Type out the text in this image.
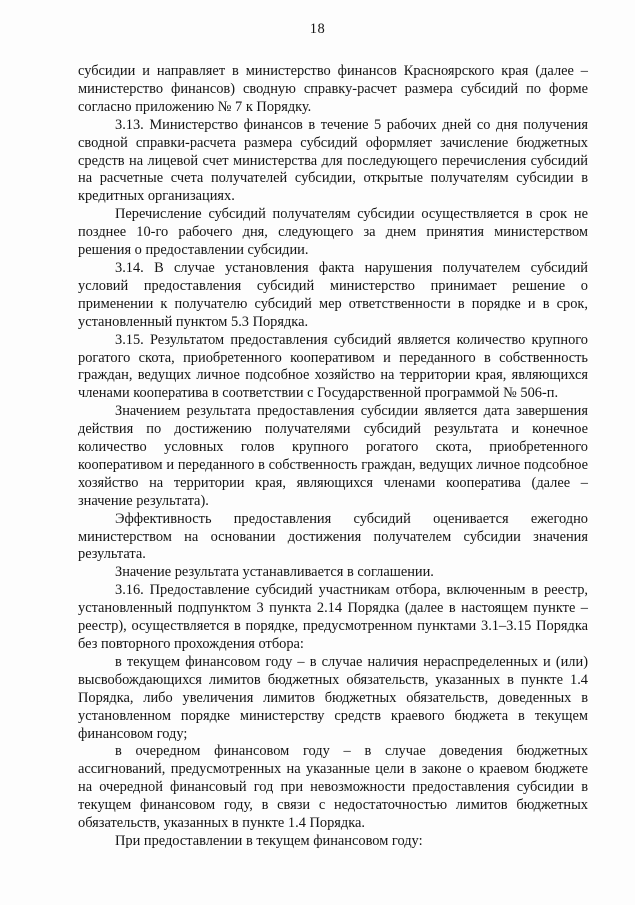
18

субсидии и направляет в министерство финансов Красноярского края (далее – министерство финансов) сводную справку-расчет размера субсидий по форме согласно приложению № 7 к Порядку.

3.13. Министерство финансов в течение 5 рабочих дней со дня получения сводной справки-расчета размера субсидий оформляет зачисление бюджетных средств на лицевой счет министерства для последующего перечисления субсидий на расчетные счета получателей субсидии, открытые получателям субсидии в кредитных организациях.

Перечисление субсидий получателям субсидии осуществляется в срок не позднее 10-го рабочего дня, следующего за днем принятия министерством решения о предоставлении субсидии.

3.14. В случае установления факта нарушения получателем субсидий условий предоставления субсидий министерство принимает решение о применении к получателю субсидий мер ответственности в порядке и в срок, установленный пунктом 5.3 Порядка.

3.15. Результатом предоставления субсидий является количество крупного рогатого скота, приобретенного кооперативом и переданного в собственность граждан, ведущих личное подсобное хозяйство на территории края, являющихся членами кооператива в соответствии с Государственной программой № 506-п.

Значением результата предоставления субсидии является дата завершения действия по достижению получателями субсидий результата и конечное количество условных голов крупного рогатого скота, приобретенного кооперативом и переданного в собственность граждан, ведущих личное подсобное хозяйство на территории края, являющихся членами кооператива (далее – значение результата).

Эффективность предоставления субсидий оценивается ежегодно министерством на основании достижения получателем субсидии значения результата.

Значение результата устанавливается в соглашении.

3.16. Предоставление субсидий участникам отбора, включенным в реестр, установленный подпунктом 3 пункта 2.14 Порядка (далее в настоящем пункте – реестр), осуществляется в порядке, предусмотренном пунктами 3.1–3.15 Порядка без повторного прохождения отбора:

в текущем финансовом году – в случае наличия нераспределенных и (или) высвобождающихся лимитов бюджетных обязательств, указанных в пункте 1.4 Порядка, либо увеличения лимитов бюджетных обязательств, доведенных в установленном порядке министерству средств краевого бюджета в текущем финансовом году;

в очередном финансовом году – в случае доведения бюджетных ассигнований, предусмотренных на указанные цели в законе о краевом бюджете на очередной финансовый год при невозможности предоставления субсидии в текущем финансовом году, в связи с недостаточностью лимитов бюджетных обязательств, указанных в пункте 1.4 Порядка.

При предоставлении в текущем финансовом году:
